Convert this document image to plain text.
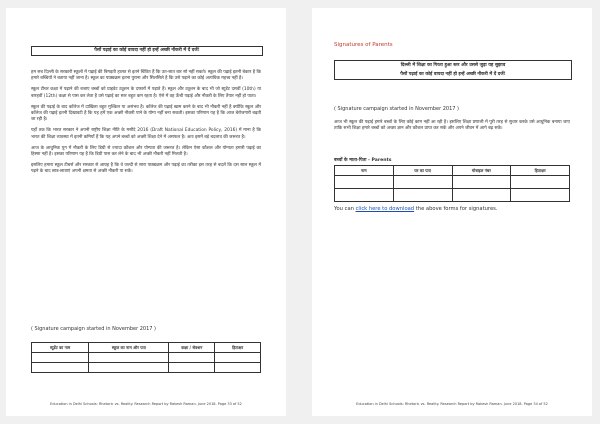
पैसों पढ़ाई का कोई वायदा नहीं हो इन्हें अच्छी नौकरी में दें दर्जे!

हम सब दिल्ली के सरकारी स्कूलों में पढ़ाई की बिगड़ती हालत से इतने चिंतित हैं कि उत-सात बार सो नहीं सकते। स्कूल की पढ़ाई इतनी बेकार है कि हमारे बच्चियों ने बताया नहीं जाना है। स्कूल का पाठ्यक्रम इतना पुराना और सिलसिले है कि उसे पढ़ाने का कोई अत्यधिक महत्त्व नहीं है।

स्कूल टीचर कक्षा में पढ़ाने की बजाए बच्चों को प्राइवेट ट्यूशन के दफ्तरों में पढ़ाते हैं। स्कूल और ट्यूशन के बाद भी जो स्टूडेंट दसवीं (10th) या बारहवीं (12th) कक्षा से पास कर लेता है उसे पढ़ाई का स्तर बहुत कम रहता है। ऐसे में वह ऊँची पढ़ाई और नौकरी के लिए तैयार नहीं हो पाता।

स्कूल की पढ़ाई के बाद कॉलेज में दाखिला बहुत मुश्किल या असंभव है। कॉलेज की पढ़ाई खत्म करने के बाद भी नौकरी नहीं है क्योंकि स्कूल और कॉलेज की पढ़ाई इतनी दिखावटी है कि यह हमें एक अच्छी नौकरी पाने के योग्य नहीं बना सकती। इसका परिणाम यह है कि आज बेरोजगारी बढ़ती जा रही है।

यहाँ तक कि भारत सरकार ने अपनी राष्ट्रीय शिक्षा नीति के मसौदे 2016 (Draft National Education Policy, 2016) में माना है कि भारत की शिक्षा व्यवस्था में इतनी कमियाँ हैं कि यह अपने बच्चों को अच्छी शिक्षा देने में असफल है। अतः इसमें बड़े बदलाव की जरूरत है।

आज के आधुनिक युग में नौकरी के लिए डिग्री से ज्यादा कौशल और योग्यता की जरूरत है। लेकिन ऐसा कौशल और योग्यता हमारी पढ़ाई का हिस्सा नहीं है। इसका परिणाम यह है कि डिग्री पास कर लेने के बाद भी अच्छी नौकरी नहीं मिलती है।

इसलिए हमारा स्कूल टीचर्स और सरकार से आग्रह है कि वे जल्दी से सारा पाठ्यक्रम और पढ़ाई का तरीका इस तरह से बदलें कि दस साल स्कूल में पढ़ने के बाद छात्र-छात्राएं अपनी क्षमता से अच्छी नौकरी पा सकें।

( Signature campaign started in November 2017 )
स्टूडेंट का नाम	स्कूल का नाम और पता	कक्षा / सेक्शन	हिताक्षर

Education in Delhi Schools: Rhetoric vs. Reality. Research Report by Rakesh Raman. June 2018. Page 33 of 52
Signatures of Parents
दिल्ली में शिक्षा का गिरता हुआ स्तर और उससे जुड़ा यह सुझाव
पैसों पढ़ाई का कोई वायदा नहीं हो इन्हें अच्छी नौकरी में दें दर्जे!
( Signature campaign started in November 2017 )

आज भी स्कूल की पढ़ाई हमारे बच्चों के लिए कोई काम नहीं आ रही है। इसलिए शिक्षा प्रणाली में पूरी तरह से सुधार करके उसे आधुनिक बनाया जाए ताकि सभी शिक्षा हमारे बच्चों को अच्छा ज्ञान और कौशल प्राप्त कर सकें और अपने जीवन में आगे बढ़ सकें।

बच्चों के माता-पिता - Parents
नाम	घर का पता	मोबाइल नंबर	हिताक्षर

You can click here to download the above forms for signatures.
Education in Delhi Schools: Rhetoric vs. Reality. Research Report by Rakesh Raman. June 2018. Page 34 of 52
